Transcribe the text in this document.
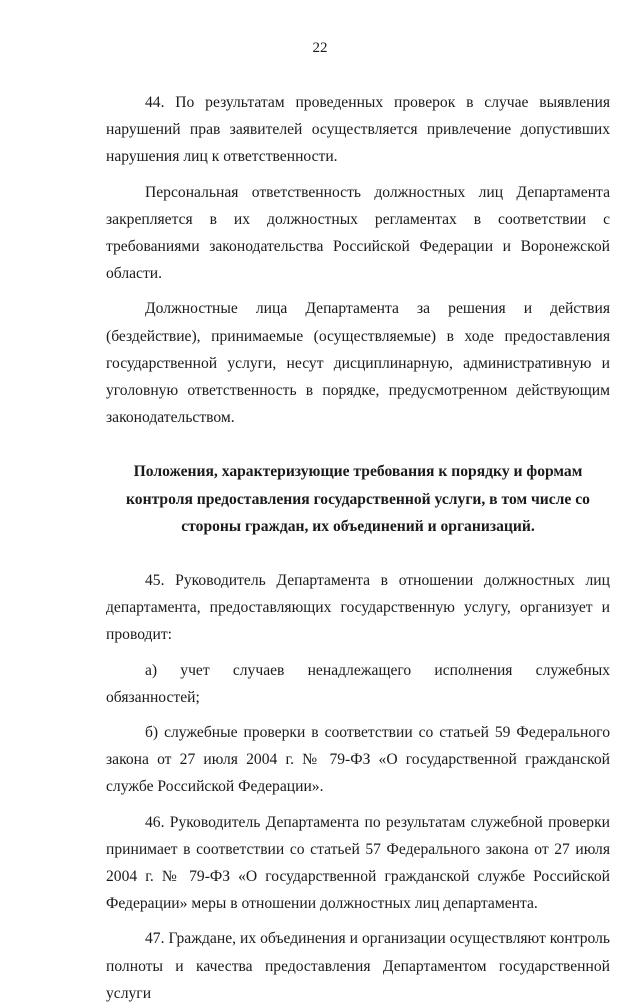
22

44. По результатам проведенных проверок в случае выявления нарушений прав заявителей осуществляется привлечение допустивших нарушения лиц к ответственности.

Персональная ответственность должностных лиц Департамента закрепляется в их должностных регламентах в соответствии с требованиями законодательства Российской Федерации и Воронежской области.

Должностные лица Департамента за решения и действия (бездействие), принимаемые (осуществляемые) в ходе предоставления государственной услуги, несут дисциплинарную, административную и уголовную ответственность в порядке, предусмотренном действующим законодательством.

Положения, характеризующие требования к порядку и формам контроля предоставления государственной услуги, в том числе со стороны граждан, их объединений и организаций.

45. Руководитель Департамента в отношении должностных лиц департамента, предоставляющих государственную услугу, организует и проводит:

а) учет случаев ненадлежащего исполнения служебных обязанностей;

б) служебные проверки в соответствии со статьей 59 Федерального закона от 27 июля 2004 г. № 79-ФЗ «О государственной гражданской службе Российской Федерации».

46. Руководитель Департамента по результатам служебной проверки принимает в соответствии со статьей 57 Федерального закона от 27 июля 2004 г. № 79-ФЗ «О государственной гражданской службе Российской Федерации» меры в отношении должностных лиц департамента.

47. Граждане, их объединения и организации осуществляют контроль полноты и качества предоставления Департаментом государственной услуги
